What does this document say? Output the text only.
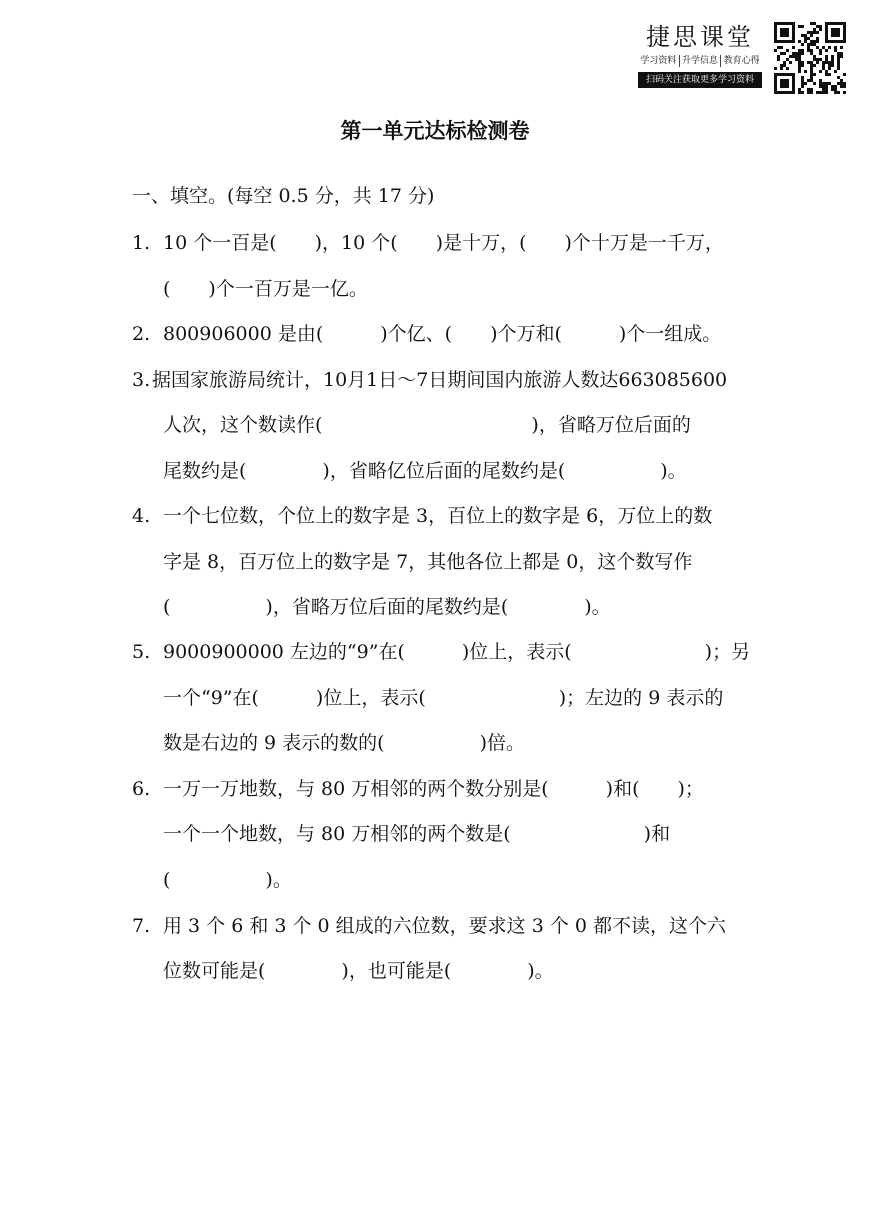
捷思课堂
学习资料 升学信息 教育心得
扫码关注获取更多学习资料
第一单元达标检测卷
一、填空。(每空 0.5 分，共 17 分)
1. 10 个一百是(　　)，10 个(　　)是十万，(　　)个十万是一千万，
(　　)个一百万是一亿。
2. 800906000 是由(　　　)个亿、(　　)个万和(　　　)个一组成。
3. 据国家旅游局统计，10月1日～7日期间国内旅游人数达663085600
人次，这个数读作(　　　　　　　　　　　)，省略万位后面的
尾数约是(　　　　)，省略亿位后面的尾数约是(　　　　　)。
4. 一个七位数，个位上的数字是 3，百位上的数字是 6，万位上的数
字是 8，百万位上的数字是 7，其他各位上都是 0，这个数写作
(　　　　　)，省略万位后面的尾数约是(　　　　)。
5. 9000900000 左边的“9”在(　　　)位上，表示(　　　　　　　)；另
一个“9”在(　　　)位上，表示(　　　　　　　)；左边的 9 表示的
数是右边的 9 表示的数的(　　　　　)倍。
6. 一万一万地数，与 80 万相邻的两个数分别是(　　　)和(　　)；
一个一个地数，与 80 万相邻的两个数是(　　　　　　　)和
(　　　　　)。
7. 用 3 个 6 和 3 个 0 组成的六位数，要求这 3 个 0 都不读，这个六
位数可能是(　　　　)，也可能是(　　　　)。
